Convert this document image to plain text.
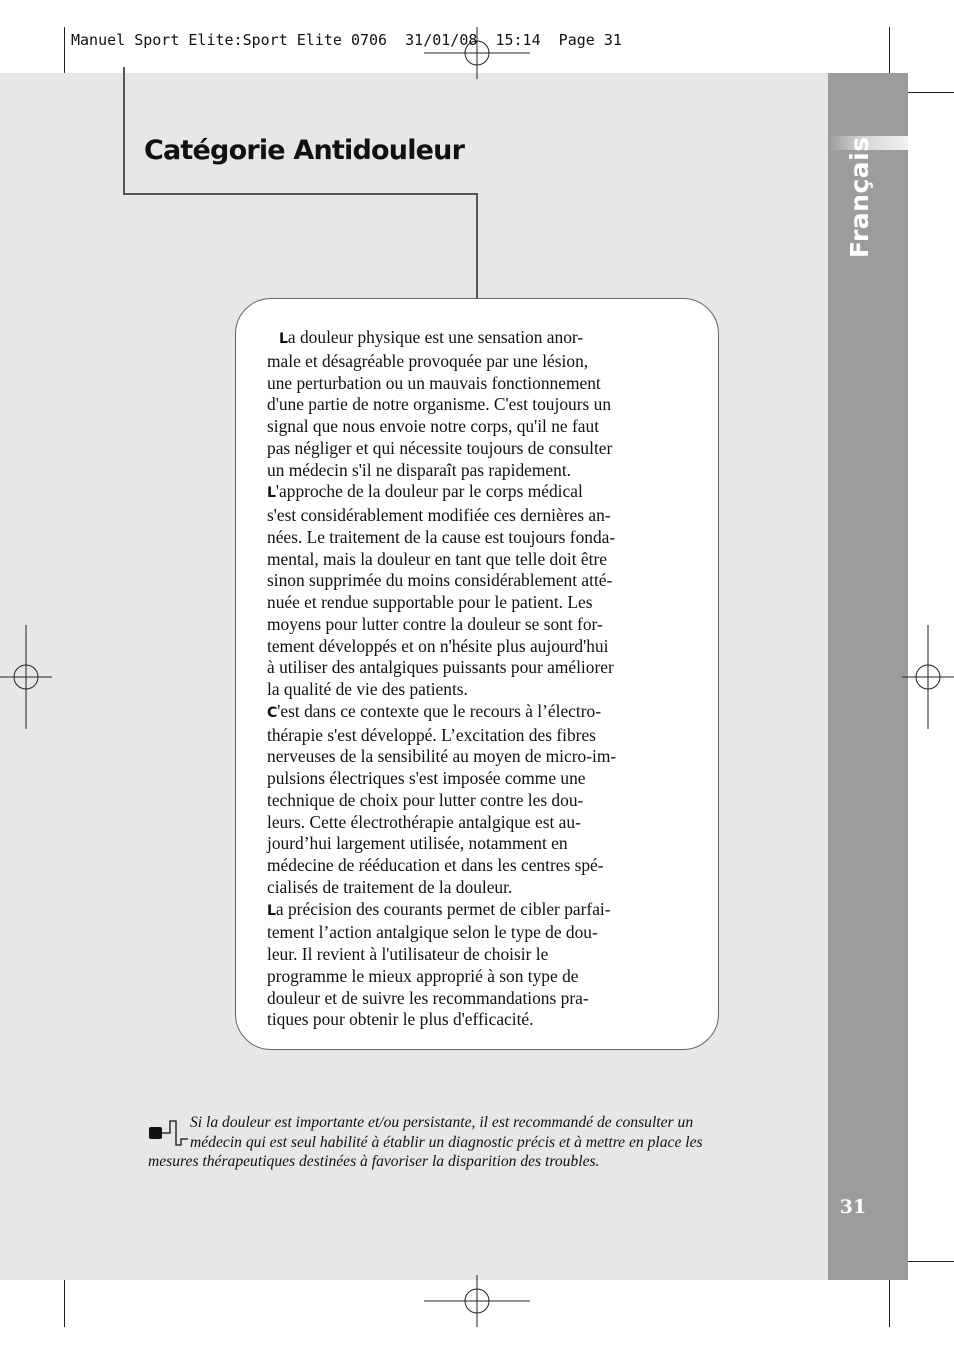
Manuel Sport Elite:Sport Elite 0706  31/01/08  15:14  Page 31
Français
31
Catégorie Antidouleur

La douleur physique est une sensation anor-
male et désagréable provoquée par une lésion,
une perturbation ou un mauvais fonctionnement
d'une partie de notre organisme. C'est toujours un
signal que nous envoie notre corps, qu'il ne faut
pas négliger et qui nécessite toujours de consulter
un médecin s'il ne disparaît pas rapidement.

L'approche de la douleur par le corps médical
s'est considérablement modifiée ces dernières an-
nées. Le traitement de la cause est toujours fonda-
mental, mais la douleur en tant que telle doit être
sinon supprimée du moins considérablement atté-
nuée et rendue supportable pour le patient. Les
moyens pour lutter contre la douleur se sont for-
tement développés et on n'hésite plus aujourd'hui
à utiliser des antalgiques puissants pour améliorer
la qualité de vie des patients.

C'est dans ce contexte que le recours à l’électro-
thérapie s'est développé. L’excitation des fibres
nerveuses de la sensibilité au moyen de micro-im-
pulsions électriques s'est imposée comme une
technique de choix pour lutter contre les dou-
leurs. Cette électrothérapie antalgique est au-
jourd’hui largement utilisée, notamment en
médecine de rééducation et dans les centres spé-
cialisés de traitement de la douleur.

La précision des courants permet de cibler parfai-
tement l’action antalgique selon le type de dou-
leur. Il revient à l'utilisateur de choisir le
programme le mieux approprié à son type de
douleur et de suivre les recommandations pra-
tiques pour obtenir le plus d'efficacité.

Si la douleur est importante et/ou persistante, il est recommandé de consulter un
médecin qui est seul habilité à établir un diagnostic précis et à mettre en place les
mesures thérapeutiques destinées à favoriser la disparition des troubles.
